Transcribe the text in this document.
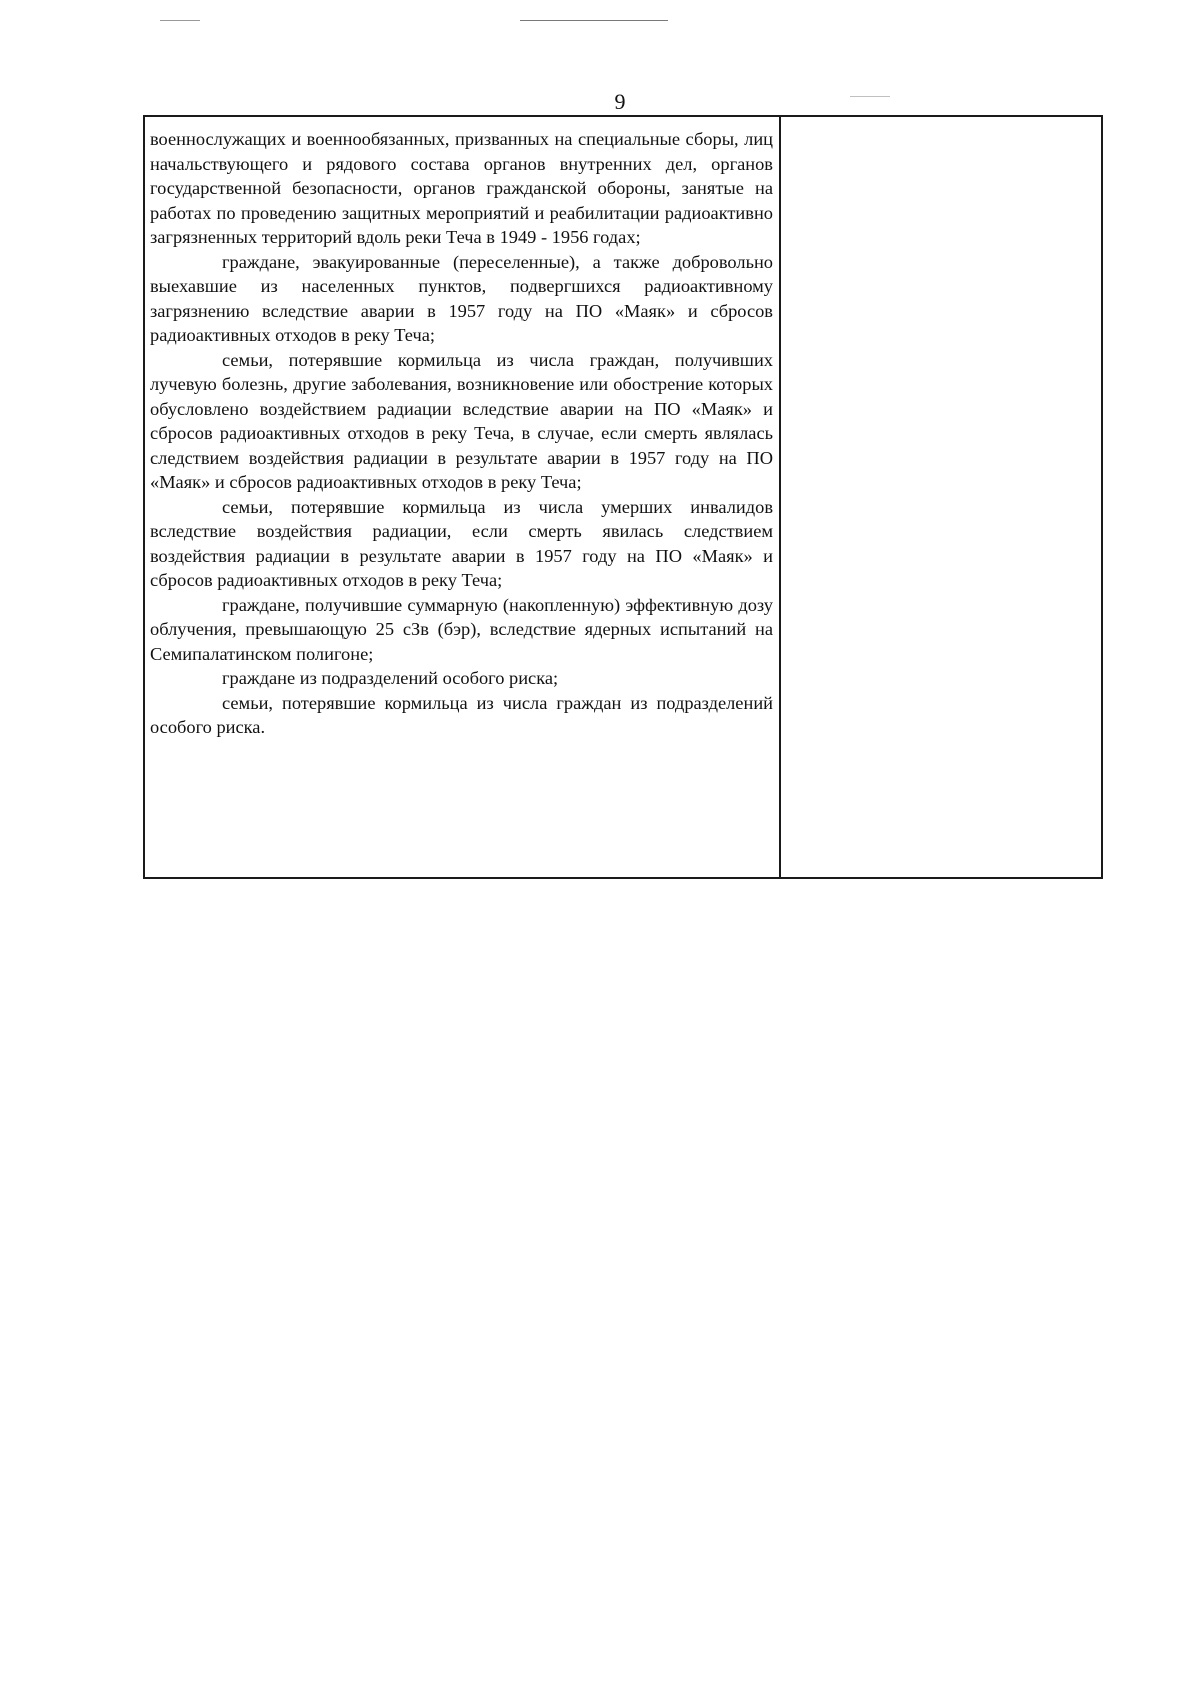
9

военнослужащих и военнообязанных, призванных на специальные сборы, лиц начальствующего и рядового состава органов внутренних дел, органов государственной безопасности, органов гражданской обороны, занятые на работах по проведению защитных мероприятий и реабилитации радиоактивно загрязненных территорий вдоль реки Теча в 1949 - 1956 годах;

граждане, эвакуированные (переселенные), а также добровольно выехавшие из населенных пунктов, подвергшихся радиоактивному загрязнению вследствие аварии в 1957 году на ПО «Маяк» и сбросов радиоактивных отходов в реку Теча;

семьи, потерявшие кормильца из числа граждан, получивших лучевую болезнь, другие заболевания, возникновение или обострение которых обусловлено воздействием радиации вследствие аварии на ПО «Маяк» и сбросов радиоактивных отходов в реку Теча, в случае, если смерть являлась следствием воздействия радиации в результате аварии в 1957 году на ПО «Маяк» и сбросов радиоактивных отходов в реку Теча;

семьи, потерявшие кормильца из числа умерших инвалидов вследствие воздействия радиации, если смерть явилась следствием воздействия радиации в результате аварии в 1957 году на ПО «Маяк» и сбросов радиоактивных отходов в реку Теча;

граждане, получившие суммарную (накопленную) эффективную дозу облучения, превышающую 25 сЗв (бэр), вследствие ядерных испытаний на Семипалатинском полигоне;

граждане из подразделений особого риска;

семьи, потерявшие кормильца из числа граждан из подразделений особого риска.
